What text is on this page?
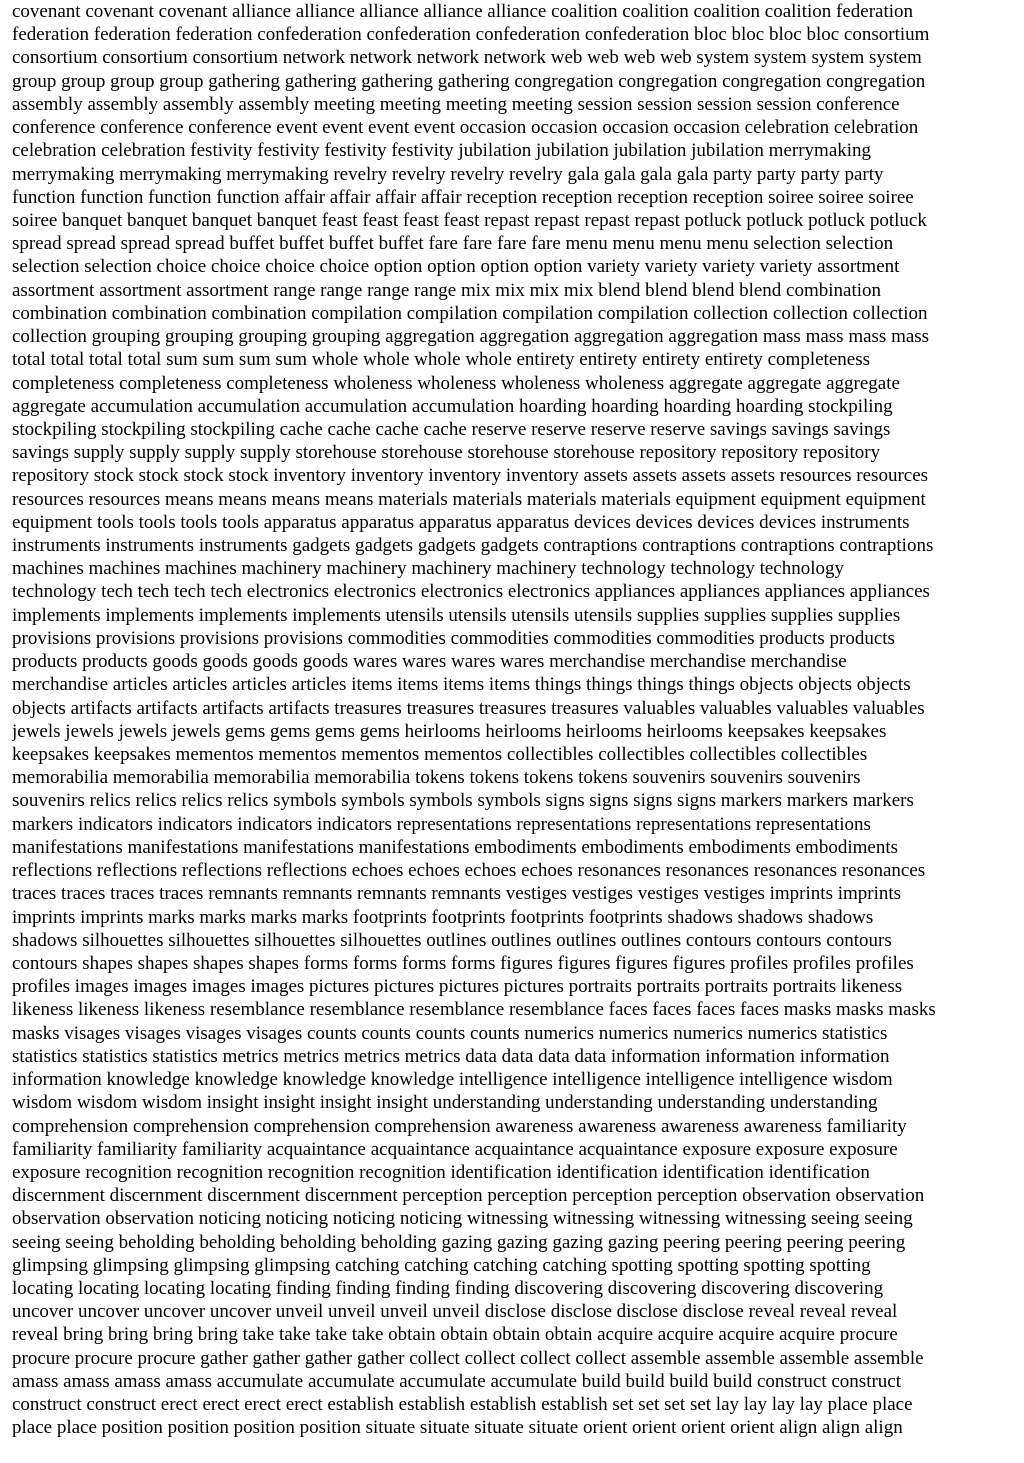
covenant covenant covenant alliance alliance alliance alliance alliance coalition coalition coalition coalition federation
federation federation federation confederation confederation confederation confederation bloc bloc bloc bloc consortium
consortium consortium consortium network network network network web web web web system system system system
group group group group gathering gathering gathering gathering congregation congregation congregation congregation
assembly assembly assembly assembly meeting meeting meeting meeting session session session session conference
conference conference conference event event event event occasion occasion occasion occasion celebration celebration
celebration celebration festivity festivity festivity festivity jubilation jubilation jubilation jubilation merrymaking
merrymaking merrymaking merrymaking revelry revelry revelry revelry gala gala gala gala party party party party
function function function function affair affair affair affair reception reception reception reception soiree soiree soiree
soiree banquet banquet banquet banquet feast feast feast feast repast repast repast repast potluck potluck potluck potluck
spread spread spread spread buffet buffet buffet buffet fare fare fare fare menu menu menu menu selection selection
selection selection choice choice choice choice option option option option variety variety variety variety assortment
assortment assortment assortment range range range range mix mix mix mix blend blend blend blend combination
combination combination combination compilation compilation compilation compilation collection collection collection
collection grouping grouping grouping grouping aggregation aggregation aggregation aggregation mass mass mass mass
total total total total sum sum sum sum whole whole whole whole entirety entirety entirety entirety completeness
completeness completeness completeness wholeness wholeness wholeness wholeness aggregate aggregate aggregate
aggregate accumulation accumulation accumulation accumulation hoarding hoarding hoarding hoarding stockpiling
stockpiling stockpiling stockpiling cache cache cache cache reserve reserve reserve reserve savings savings savings
savings supply supply supply supply storehouse storehouse storehouse storehouse repository repository repository
repository stock stock stock stock inventory inventory inventory inventory assets assets assets assets resources resources
resources resources means means means means materials materials materials materials equipment equipment equipment
equipment tools tools tools tools apparatus apparatus apparatus apparatus devices devices devices devices instruments
instruments instruments instruments gadgets gadgets gadgets gadgets contraptions contraptions contraptions contraptions
machines machines machines machinery machinery machinery machinery technology technology technology
technology tech tech tech tech electronics electronics electronics electronics appliances appliances appliances appliances
implements implements implements implements utensils utensils utensils utensils supplies supplies supplies supplies
provisions provisions provisions provisions commodities commodities commodities commodities products products
products products goods goods goods goods wares wares wares wares merchandise merchandise merchandise
merchandise articles articles articles articles items items items items things things things things objects objects objects
objects artifacts artifacts artifacts artifacts treasures treasures treasures treasures valuables valuables valuables valuables
jewels jewels jewels jewels gems gems gems gems heirlooms heirlooms heirlooms heirlooms keepsakes keepsakes
keepsakes keepsakes mementos mementos mementos mementos collectibles collectibles collectibles collectibles
memorabilia memorabilia memorabilia memorabilia tokens tokens tokens tokens souvenirs souvenirs souvenirs
souvenirs relics relics relics relics symbols symbols symbols symbols signs signs signs signs markers markers markers
markers indicators indicators indicators indicators representations representations representations representations
manifestations manifestations manifestations manifestations embodiments embodiments embodiments embodiments
reflections reflections reflections reflections echoes echoes echoes echoes resonances resonances resonances resonances
traces traces traces traces remnants remnants remnants remnants vestiges vestiges vestiges vestiges imprints imprints
imprints imprints marks marks marks marks footprints footprints footprints footprints shadows shadows shadows
shadows silhouettes silhouettes silhouettes silhouettes outlines outlines outlines outlines contours contours contours
contours shapes shapes shapes shapes forms forms forms forms figures figures figures figures profiles profiles profiles
profiles images images images images pictures pictures pictures pictures portraits portraits portraits portraits likeness
likeness likeness likeness resemblance resemblance resemblance resemblance faces faces faces faces masks masks masks
masks visages visages visages visages counts counts counts counts numerics numerics numerics numerics statistics
statistics statistics statistics metrics metrics metrics metrics data data data data information information information
information knowledge knowledge knowledge knowledge intelligence intelligence intelligence intelligence wisdom
wisdom wisdom wisdom insight insight insight insight understanding understanding understanding understanding
comprehension comprehension comprehension comprehension awareness awareness awareness awareness familiarity
familiarity familiarity familiarity acquaintance acquaintance acquaintance acquaintance exposure exposure exposure
exposure recognition recognition recognition recognition identification identification identification identification
discernment discernment discernment discernment perception perception perception perception observation observation
observation observation noticing noticing noticing noticing witnessing witnessing witnessing witnessing seeing seeing
seeing seeing beholding beholding beholding beholding gazing gazing gazing gazing peering peering peering peering
glimpsing glimpsing glimpsing glimpsing catching catching catching catching spotting spotting spotting spotting
locating locating locating locating finding finding finding finding discovering discovering discovering discovering
uncover uncover uncover uncover unveil unveil unveil unveil disclose disclose disclose disclose reveal reveal reveal
reveal bring bring bring bring take take take take obtain obtain obtain obtain acquire acquire acquire acquire procure
procure procure procure gather gather gather gather collect collect collect collect assemble assemble assemble assemble
amass amass amass amass accumulate accumulate accumulate accumulate build build build build construct construct
construct construct erect erect erect erect establish establish establish establish set set set set lay lay lay lay place place
place place position position position position situate situate situate situate orient orient orient orient align align align
